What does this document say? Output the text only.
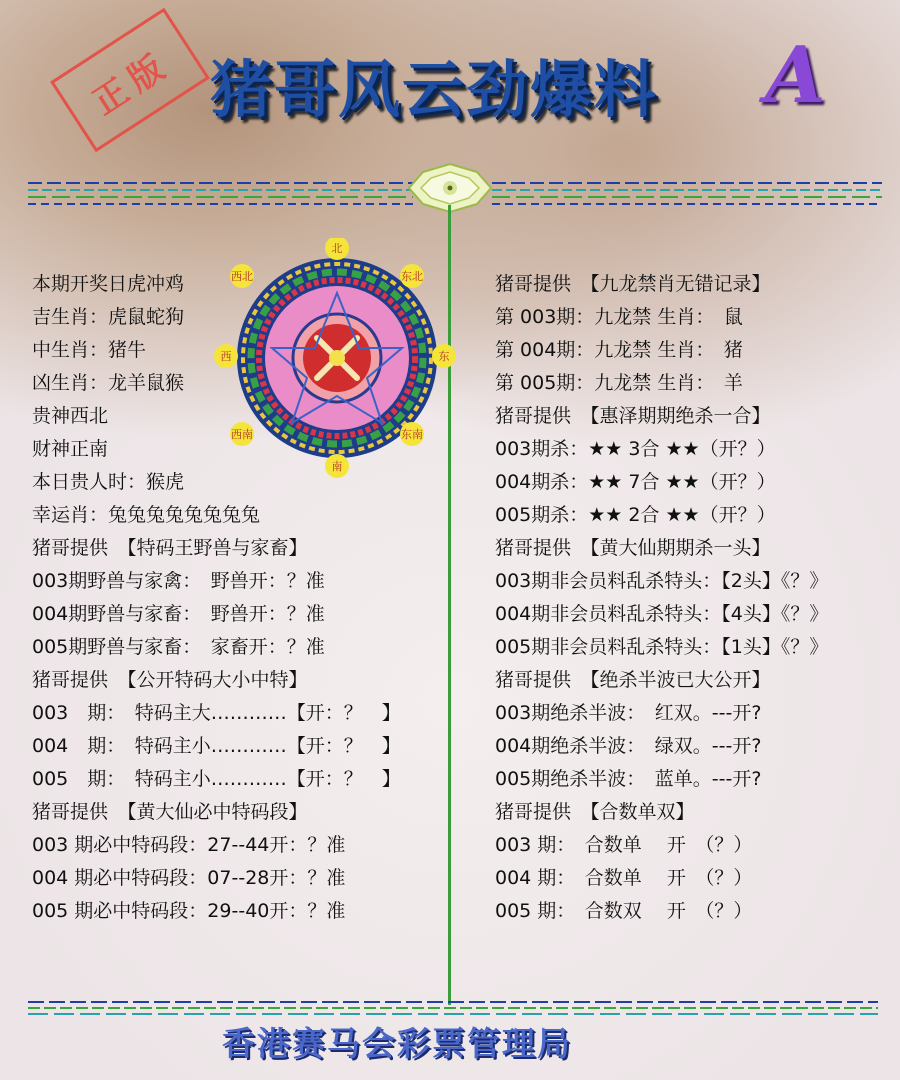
正版 猪哥风云劲爆料 A
北
东北
东
东南
南
西南
西
西北
本期开奖日虎冲鸡
吉生肖：虎鼠蛇狗
中生肖：猪牛
凶生肖：龙羊鼠猴
贵神西北
财神正南
本日贵人时：猴虎
幸运肖：兔兔兔兔兔兔兔兔
猪哥提供　【特码王野兽与家畜】
003期野兽与家禽：　野兽开：？准
004期野兽与家畜：　野兽开：？准
005期野兽与家畜：　家畜开：？准
猪哥提供　【公开特码大小中特】
003　期：　特码主大…………【开：？　】
004　期：　特码主小…………【开：？　】
005　期：　特码主小…………【开：？　】
猪哥提供　【黄大仙必中特码段】
003 期必中特码段：27--44开：？准
004 期必中特码段：07--28开：？准
005 期必中特码段：29--40开：？准
猪哥提供　【九龙禁肖无错记录】
第 003期：九龙禁 生肖：　鼠
第 004期：九龙禁 生肖：　猪
第 005期：九龙禁 生肖：　羊
猪哥提供　【惠泽期期绝杀一合】
003期杀：★★ 3合 ★★（开？）
004期杀：★★ 7合 ★★（开？）
005期杀：★★ 2合 ★★（开？）
猪哥提供　【黄大仙期期杀一头】
003期非会员料乱杀特头：【2头】《？》
004期非会员料乱杀特头：【4头】《？》
005期非会员料乱杀特头：【1头】《？》
猪哥提供　【绝杀半波已大公开】
003期绝杀半波：　红双。---开?
004期绝杀半波：　绿双。---开?
005期绝杀半波：　蓝单。---开?
猪哥提供　【合数单双】
003 期：　合数单　 开　（？）
004 期：　合数单　 开　（？）
005 期：　合数双　 开　（？）
香港赛马会彩票管理局
